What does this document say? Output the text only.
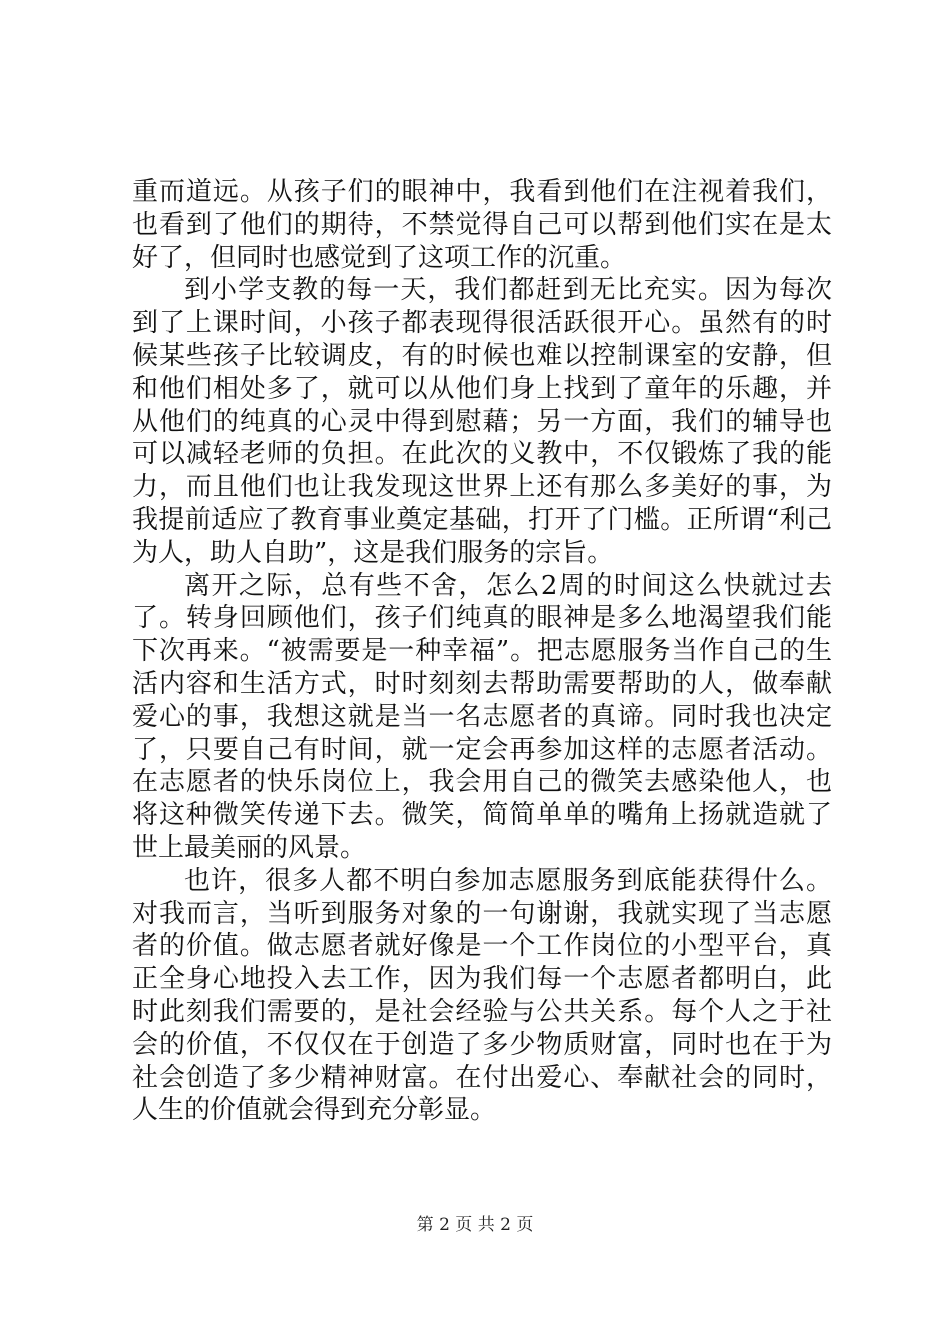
重而道远。从孩子们的眼神中，我看到他们在注视着我们，也看到了他们的期待，不禁觉得自己可以帮到他们实在是太好了，但同时也感觉到了这项工作的沉重。

到小学支教的每一天，我们都赶到无比充实。因为每次到了上课时间，小孩子都表现得很活跃很开心。虽然有的时候某些孩子比较调皮，有的时候也难以控制课室的安静，但和他们相处多了，就可以从他们身上找到了童年的乐趣，并从他们的纯真的心灵中得到慰藉；另一方面，我们的辅导也可以减轻老师的负担。在此次的义教中，不仅锻炼了我的能力，而且他们也让我发现这世界上还有那么多美好的事，为我提前适应了教育事业奠定基础，打开了门槛。正所谓“利己为人，助人自助”，这是我们服务的宗旨。

离开之际，总有些不舍，怎么2周的时间这么快就过去了。转身回顾他们，孩子们纯真的眼神是多么地渴望我们能下次再来。“被需要是一种幸福”。把志愿服务当作自己的生活内容和生活方式，时时刻刻去帮助需要帮助的人，做奉献爱心的事，我想这就是当一名志愿者的真谛。同时我也决定了，只要自己有时间，就一定会再参加这样的志愿者活动。在志愿者的快乐岗位上，我会用自己的微笑去感染他人，也将这种微笑传递下去。微笑，简简单单的嘴角上扬就造就了世上最美丽的风景。

也许，很多人都不明白参加志愿服务到底能获得什么。对我而言，当听到服务对象的一句谢谢，我就实现了当志愿者的价值。做志愿者就好像是一个工作岗位的小型平台，真正全身心地投入去工作，因为我们每一个志愿者都明白，此时此刻我们需要的，是社会经验与公共关系。每个人之于社会的价值，不仅仅在于创造了多少物质财富，同时也在于为社会创造了多少精神财富。在付出爱心、奉献社会的同时，人生的价值就会得到充分彰显。

第 2 页 共 2 页
